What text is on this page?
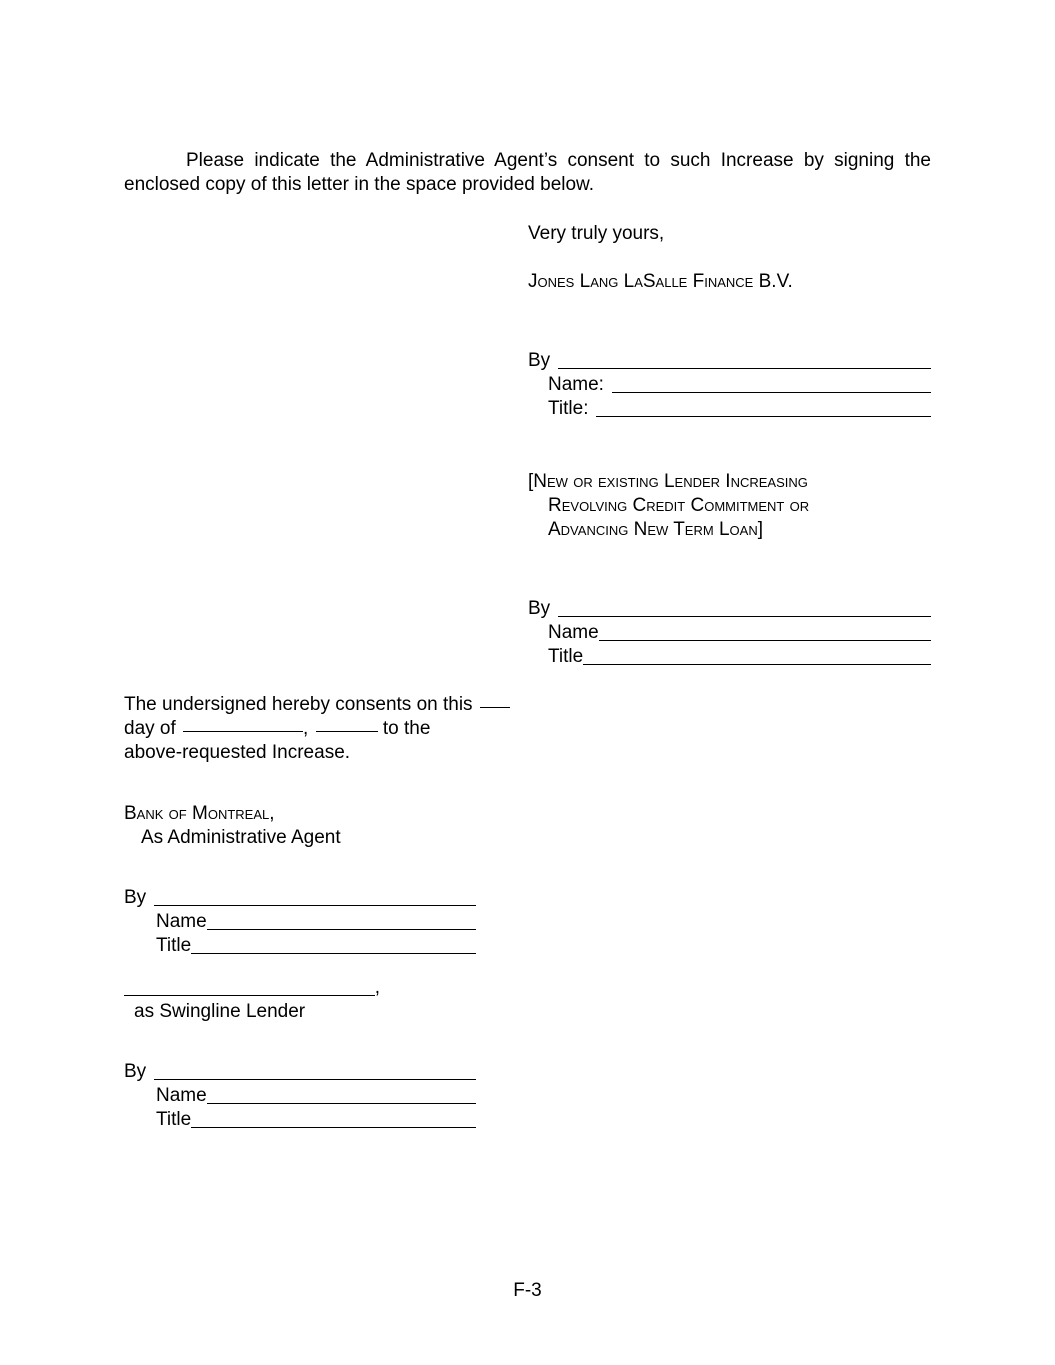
Please indicate the Administrative Agent’s consent to such Increase by signing the enclosed copy of this letter in the space provided below.
Very truly yours,
Jones Lang LaSalle Finance B.V.
By
Name:
Title:
[New or existing Lender Increasing
Revolving Credit Commitment or
Advancing New Term Loan]
By
Name
Title
The undersigned hereby consents on this
day of	,	to the
above-requested Increase.
Bank of Montreal,
As Administrative Agent
By
Name
Title
,
as Swingline Lender
By
Name
Title
F-3
